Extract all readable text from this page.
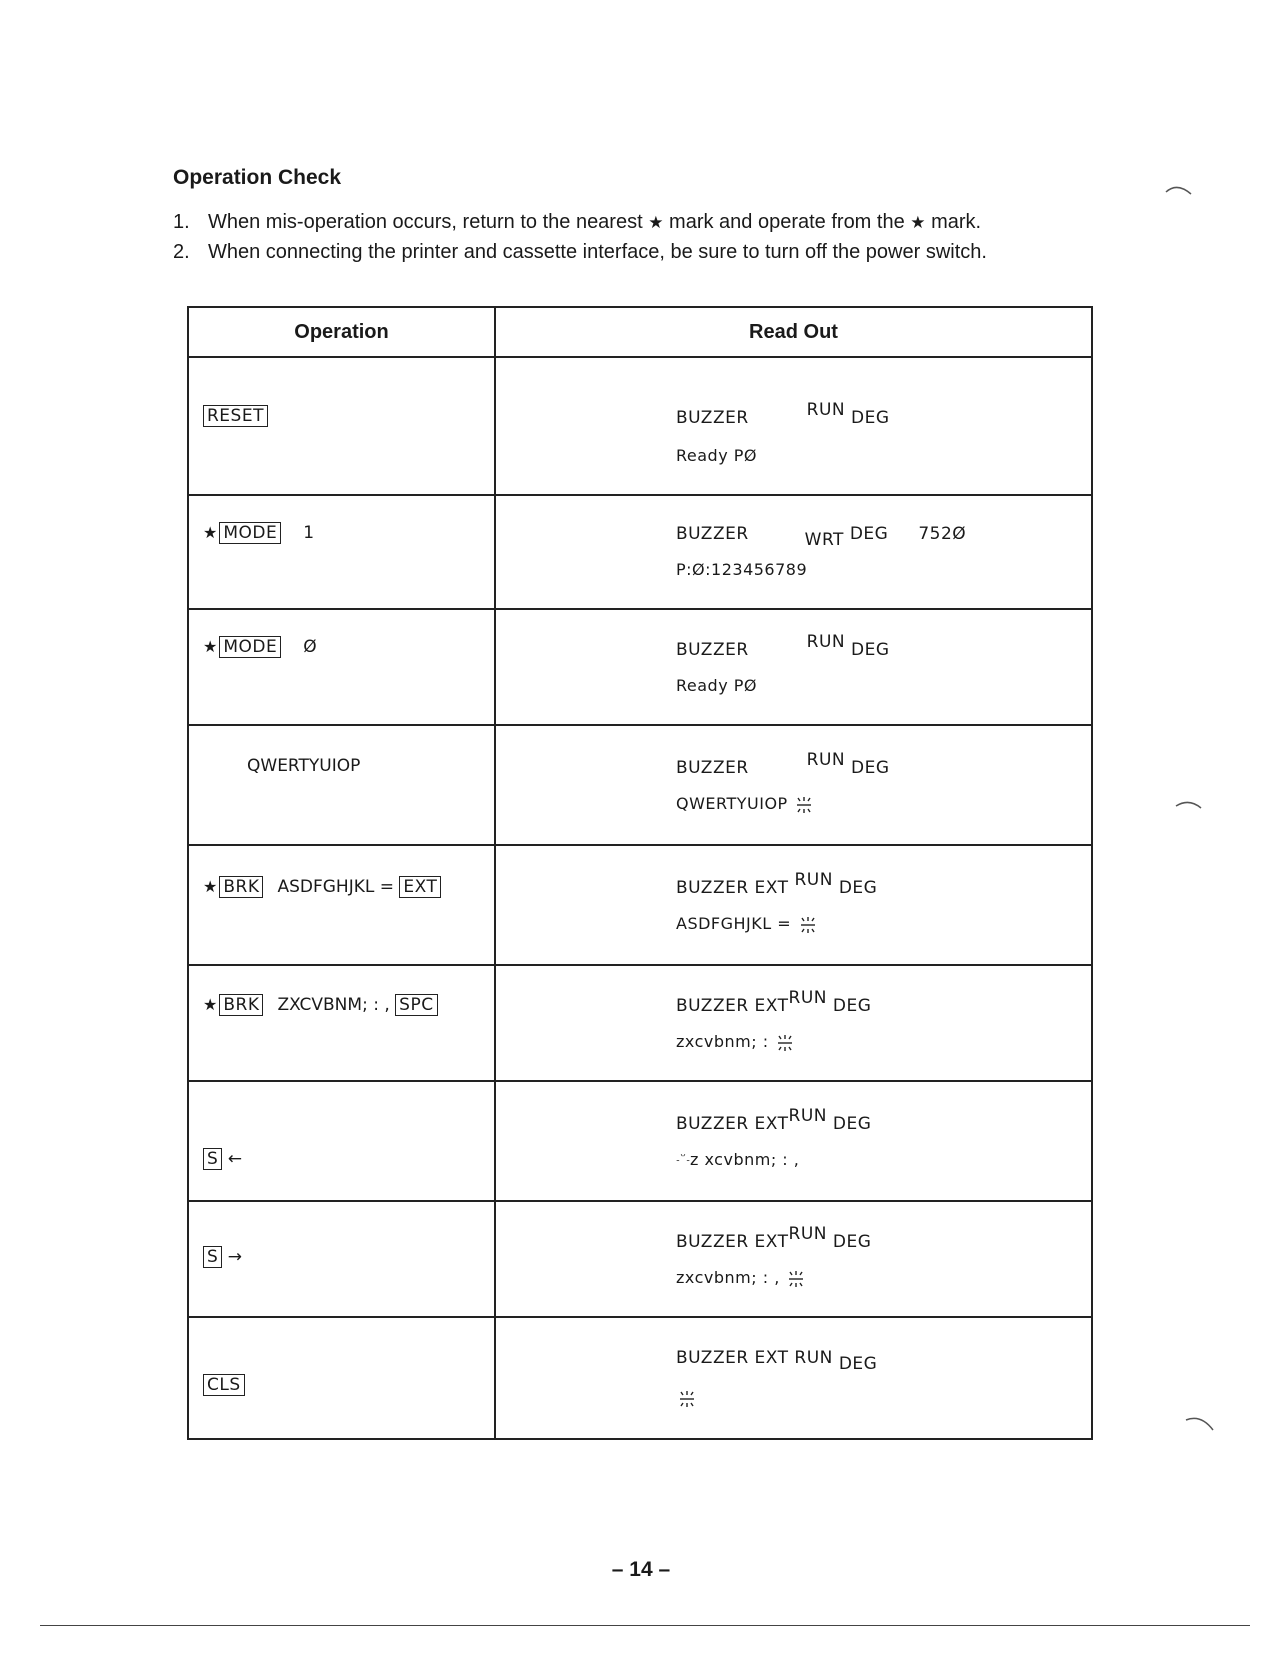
Operation Check
1. When mis-operation occurs, return to the nearest ★ mark and operate from the ★ mark.
2. When connecting the printer and cassette interface, be sure to turn off the power switch.
Operation	Read Out

RESET	BUZZER RUN DEG
Ready PØ

★ MODE 1	BUZZER WRT DEG 752Ø
P:Ø:123456789

★ MODE Ø	BUZZER RUN DEG
Ready PØ

QWERTYUIOP	BUZZER RUN DEG
QWERTYUIOP

★ BRK ASDFGHJKL = EXT	BUZZER EXT RUN DEG
ASDFGHJKL =

★ BRK ZXCVBNM; : , SPC	BUZZER EXTRUN DEG
zxcvbnm; :

S ←	BUZZER EXTRUN DEG
z xcvbnm; : ,

S →	BUZZER EXTRUN DEG
zxcvbnm; : ,

CLS	BUZZER EXT RUN DEG
– 14 –
